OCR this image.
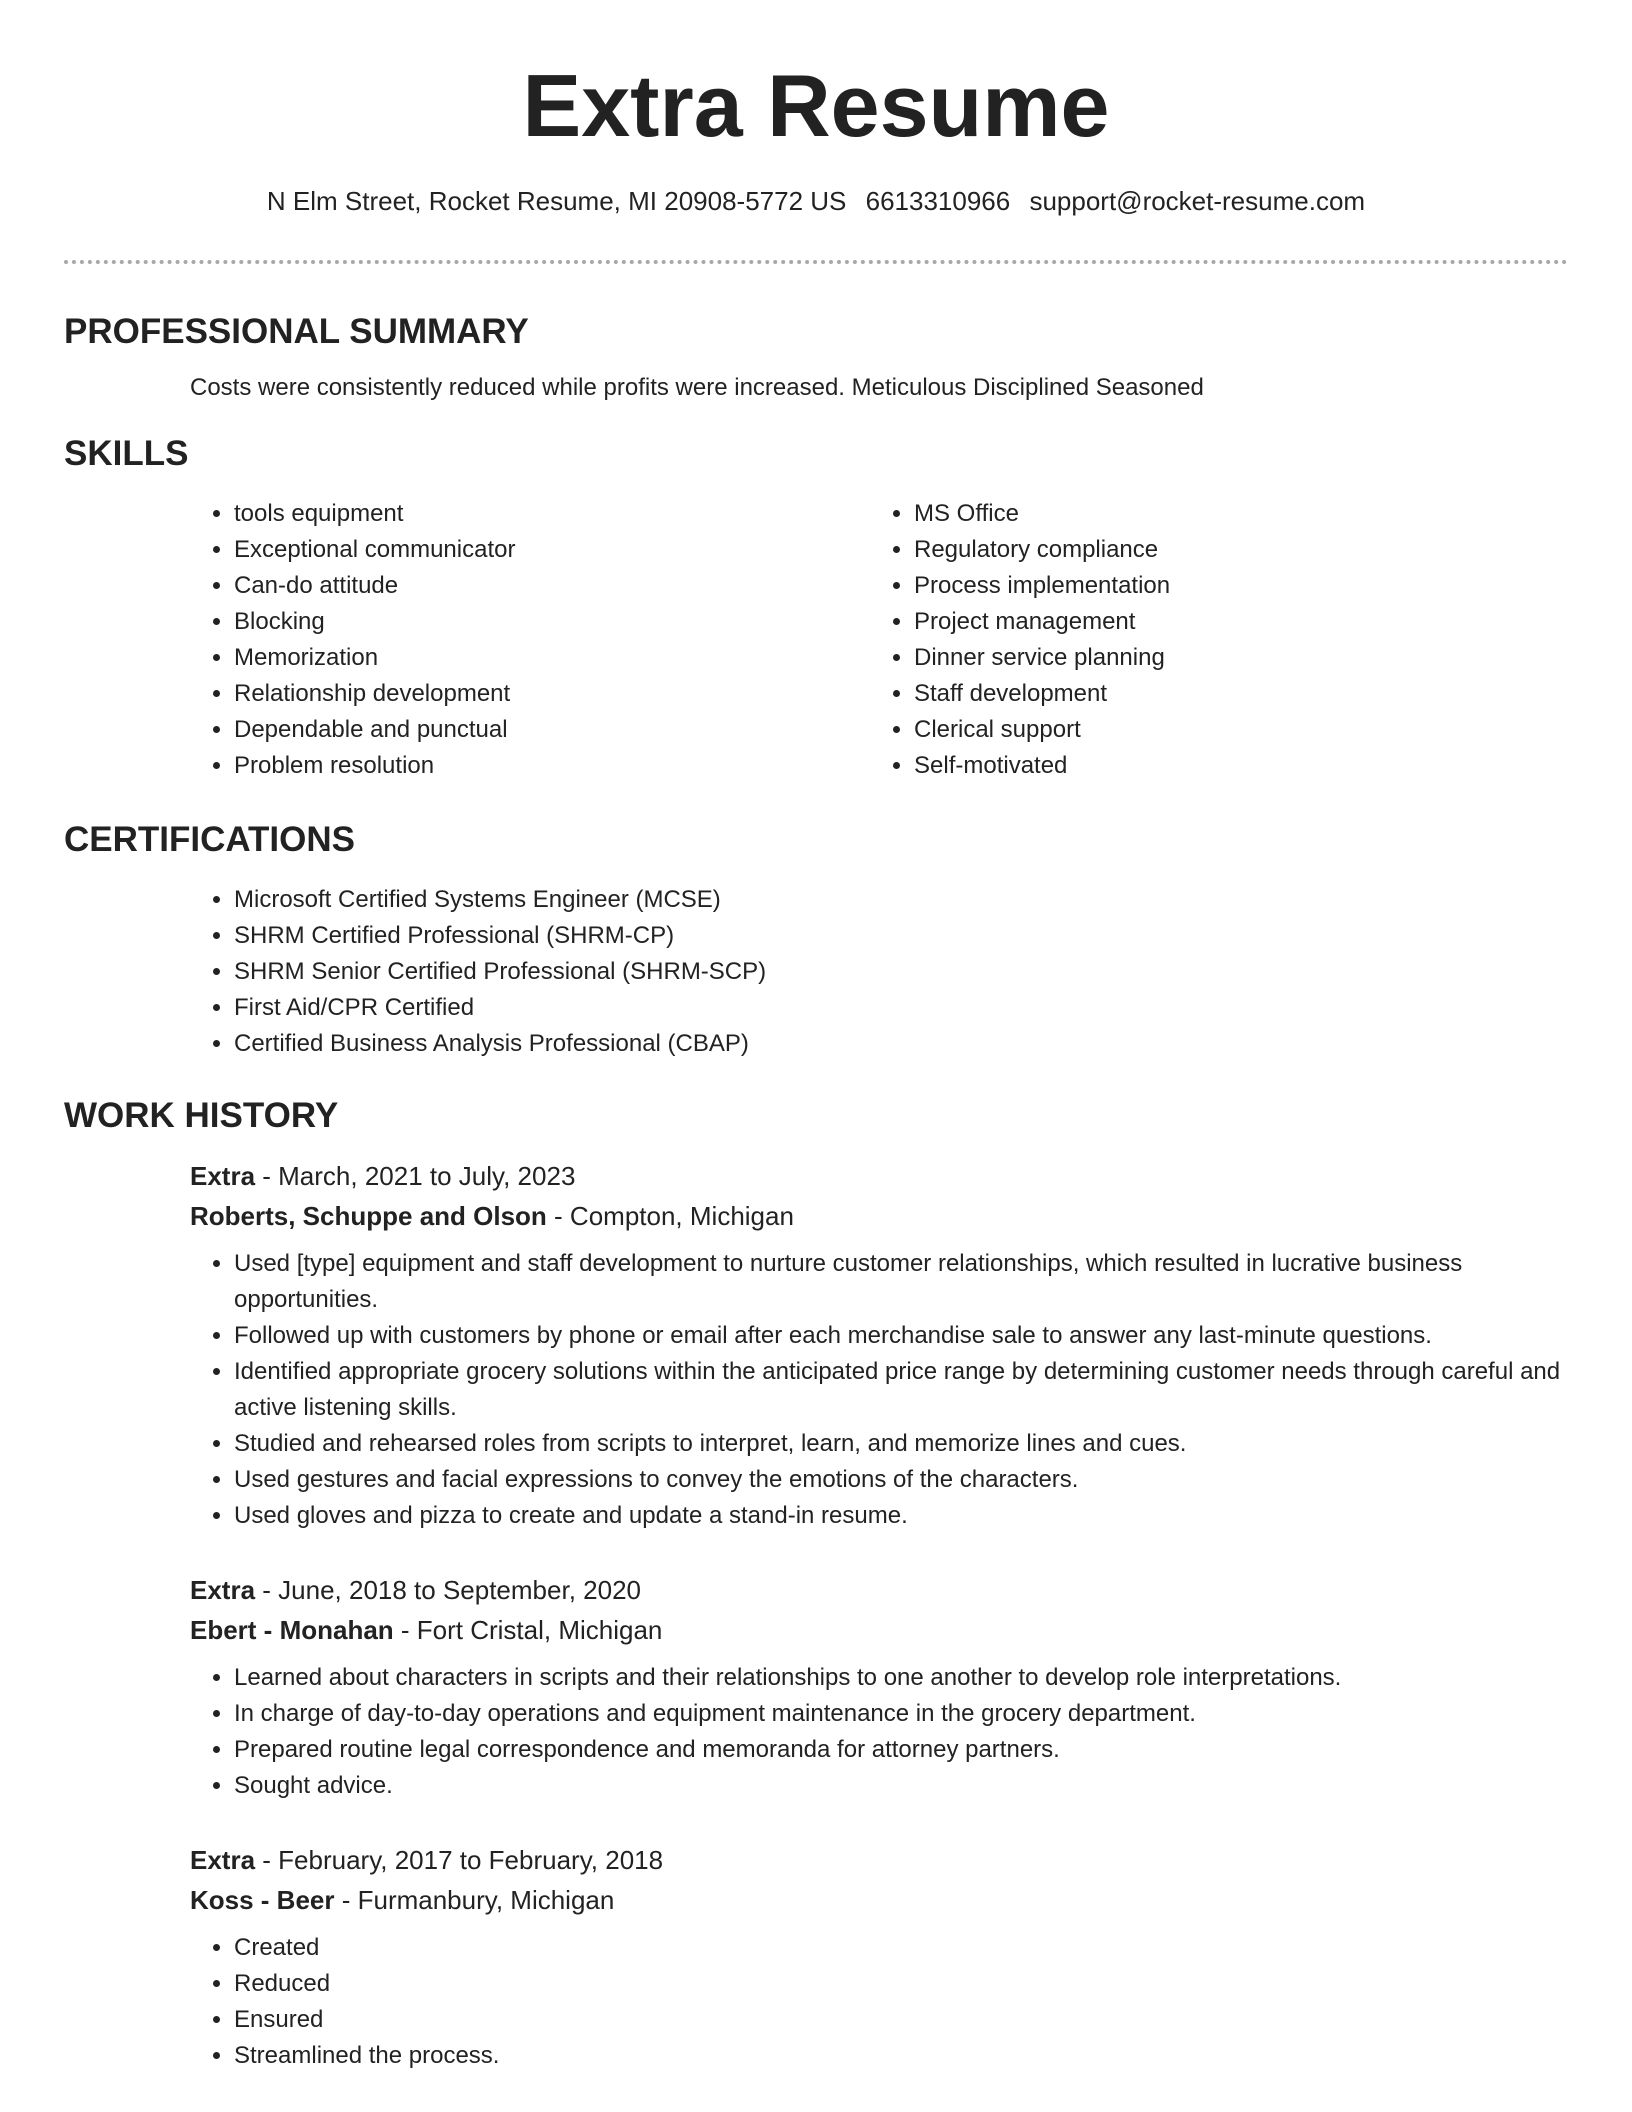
Extra Resume
N Elm Street, Rocket Resume, MI 20908-5772 US 6613310966 support@rocket-resume.com
PROFESSIONAL SUMMARY

Costs were consistently reduced while profits were increased. Meticulous Disciplined Seasoned

SKILLS
• tools equipment
• Exceptional communicator
• Can-do attitude
• Blocking
• Memorization
• Relationship development
• Dependable and punctual
• Problem resolution
• MS Office
• Regulatory compliance
• Process implementation
• Project management
• Dinner service planning
• Staff development
• Clerical support
• Self-motivated
CERTIFICATIONS
• Microsoft Certified Systems Engineer (MCSE)
• SHRM Certified Professional (SHRM-CP)
• SHRM Senior Certified Professional (SHRM-SCP)
• First Aid/CPR Certified
• Certified Business Analysis Professional (CBAP)
WORK HISTORY
Extra - March, 2021 to July, 2023
Roberts, Schuppe and Olson - Compton, Michigan
• Used [type] equipment and staff development to nurture customer relationships, which resulted in lucrative business opportunities.
• Followed up with customers by phone or email after each merchandise sale to answer any last-minute questions.
• Identified appropriate grocery solutions within the anticipated price range by determining customer needs through careful and active listening skills.
• Studied and rehearsed roles from scripts to interpret, learn, and memorize lines and cues.
• Used gestures and facial expressions to convey the emotions of the characters.
• Used gloves and pizza to create and update a stand-in resume.
Extra - June, 2018 to September, 2020
Ebert - Monahan - Fort Cristal, Michigan
• Learned about characters in scripts and their relationships to one another to develop role interpretations.
• In charge of day-to-day operations and equipment maintenance in the grocery department.
• Prepared routine legal correspondence and memoranda for attorney partners.
• Sought advice.
Extra - February, 2017 to February, 2018
Koss - Beer - Furmanbury, Michigan
• Created
• Reduced
• Ensured
• Streamlined the process.
